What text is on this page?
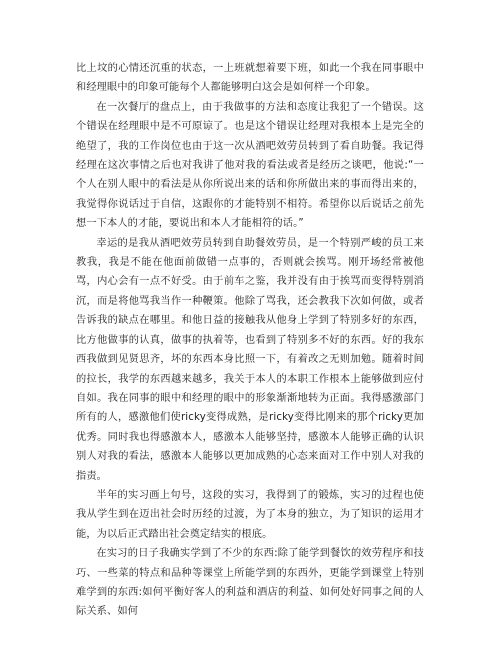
比上坟的心情还沉重的状态，一上班就想着要下班，如此一个我在同事眼中和经理眼中的印象可能每个人都能够明白这会是如何样一个印象。

在一次餐厅的盘点上，由于我做事的方法和态度让我犯了一个错误。这个错误在经理眼中是不可原谅了。也是这个错误让经理对我根本上是完全的绝望了，我的工作岗位也由于这一次从酒吧效劳员转到了看自助餐。我记得经理在这次事情之后也对我讲了他对我的看法或者是经历之谈吧，他说:“一个人在别人眼中的看法是从你所说出来的话和你所做出来的事而得出来的，我觉得你说话过于自信，这跟你的才能特别不相符。希望你以后说话之前先想一下本人的才能，要说出和本人才能相符的话。”

幸运的是我从酒吧效劳员转到自助餐效劳员，是一个特别严峻的员工来教我，我是不能在他面前做错一点事的，否则就会挨骂。刚开场经常被他骂，内心会有一点不好受。由于前车之鉴，我并没有由于挨骂而变得特别消沉，而是将他骂我当作一种鞭策。他除了骂我，还会教我下次如何做，或者告诉我的缺点在哪里。和他日益的接触我从他身上学到了特别多好的东西，比方他做事的认真，做事的执着等，也看到了特别多不好的东西。好的我东西我做到见贤思齐，坏的东西本身比照一下，有着改之无则加勉。随着时间的拉长，我学的东西越来越多，我关于本人的本职工作根本上能够做到应付自如。我在同事的眼中和经理的眼中的形象渐渐地转为正面。我得感激部门所有的人，感激他们使ricky变得成熟，是ricky变得比刚来的那个ricky更加优秀。同时我也得感激本人，感激本人能够坚持，感激本人能够正确的认识别人对我的看法，感激本人能够以更加成熟的心态来面对工作中别人对我的指责。

半年的实习画上句号，这段的实习，我得到了的锻炼，实习的过程也使我从学生到在迈出社会时历经的过渡，为了本身的独立，为了知识的运用才能，为以后正式踏出社会奠定结实的根底。

在实习的日子我确实学到了不少的东西:除了能学到餐饮的效劳程序和技巧、一些菜的特点和品种等课堂上所能学到的东西外，更能学到课堂上特别难学到的东西:如何平衡好客人的利益和酒店的利益、如何处好同事之间的人际关系、如何
